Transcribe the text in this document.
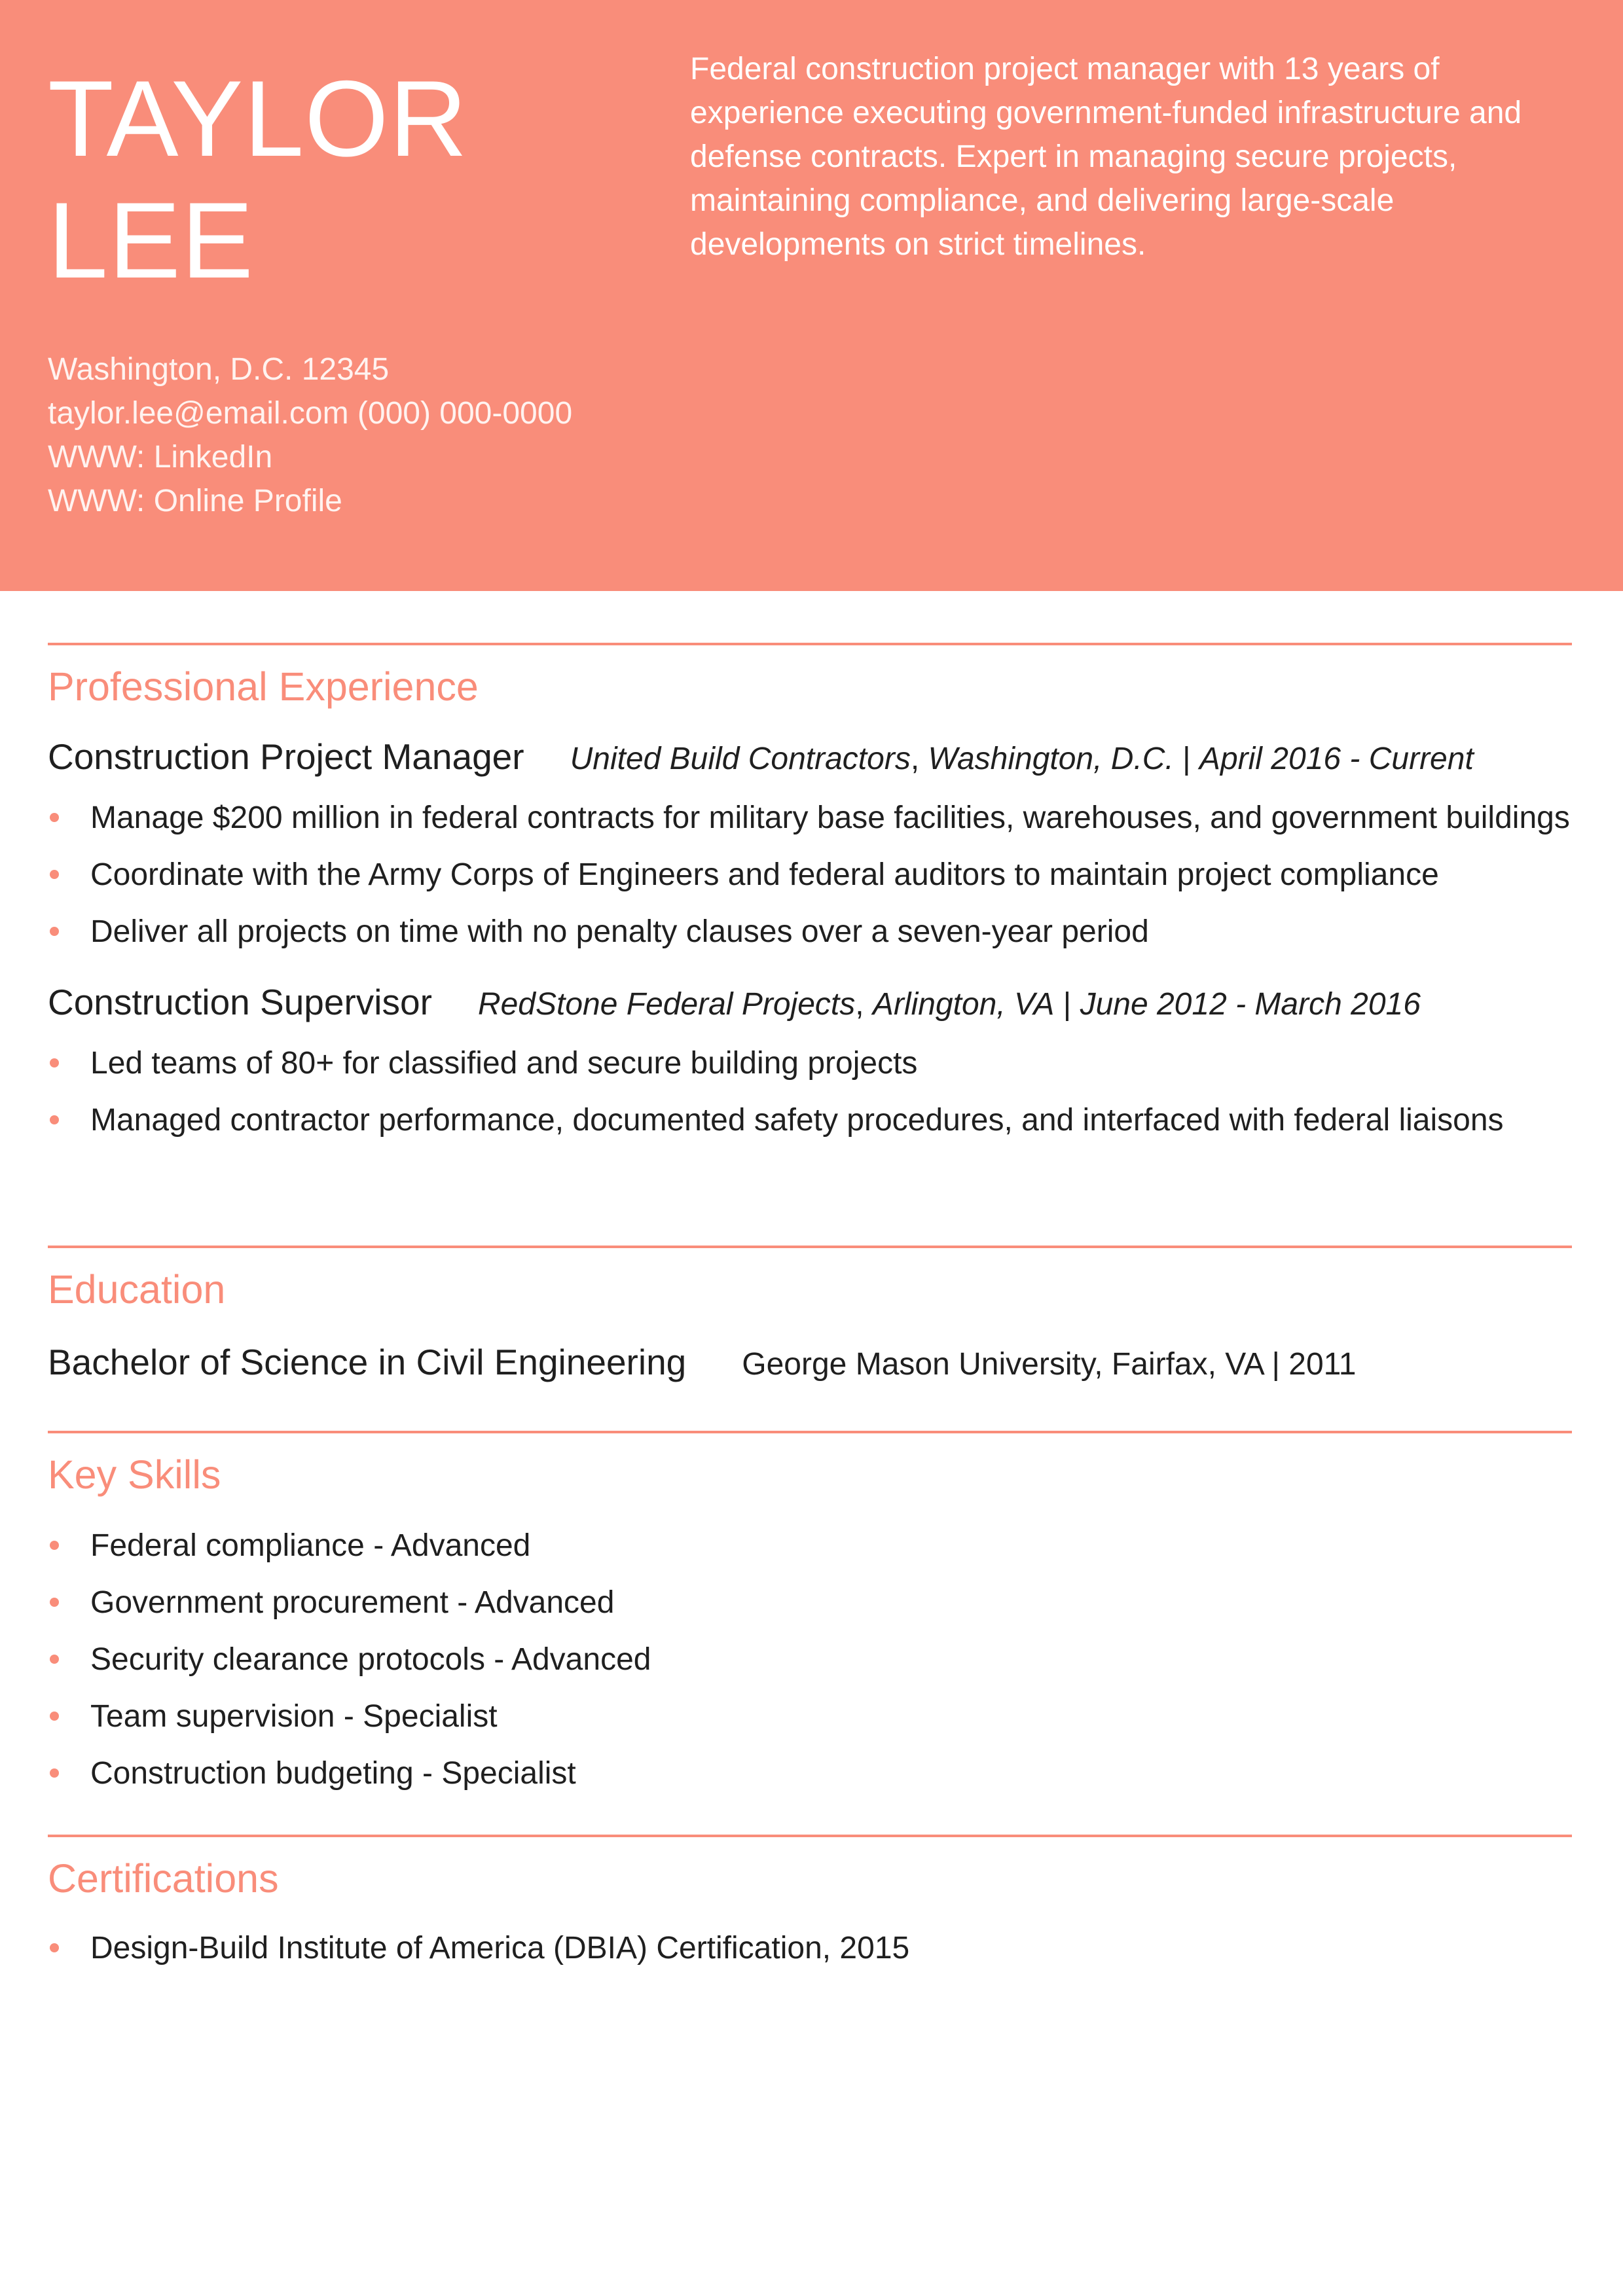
TAYLOR
LEE
Federal construction project manager with 13 years of experience executing government-funded infrastructure and defense contracts. Expert in managing secure projects, maintaining compliance, and delivering large-scale developments on strict timelines.
Washington, D.C. 12345
taylor.lee@email.com (000) 000-0000
WWW: LinkedIn
WWW: Online Profile
Professional Experience
Construction Project Manager United Build Contractors, Washington, D.C. | April 2016 - Current
Manage $200 million in federal contracts for military base facilities, warehouses, and government buildings
Coordinate with the Army Corps of Engineers and federal auditors to maintain project compliance
Deliver all projects on time with no penalty clauses over a seven-year period
Construction Supervisor RedStone Federal Projects, Arlington, VA | June 2012 - March 2016
Led teams of 80+ for classified and secure building projects
Managed contractor performance, documented safety procedures, and interfaced with federal liaisons
Education
Bachelor of Science in Civil Engineering George Mason University, Fairfax, VA | 2011
Key Skills
Federal compliance - Advanced
Government procurement - Advanced
Security clearance protocols - Advanced
Team supervision - Specialist
Construction budgeting - Specialist
Certifications
Design-Build Institute of America (DBIA) Certification, 2015
